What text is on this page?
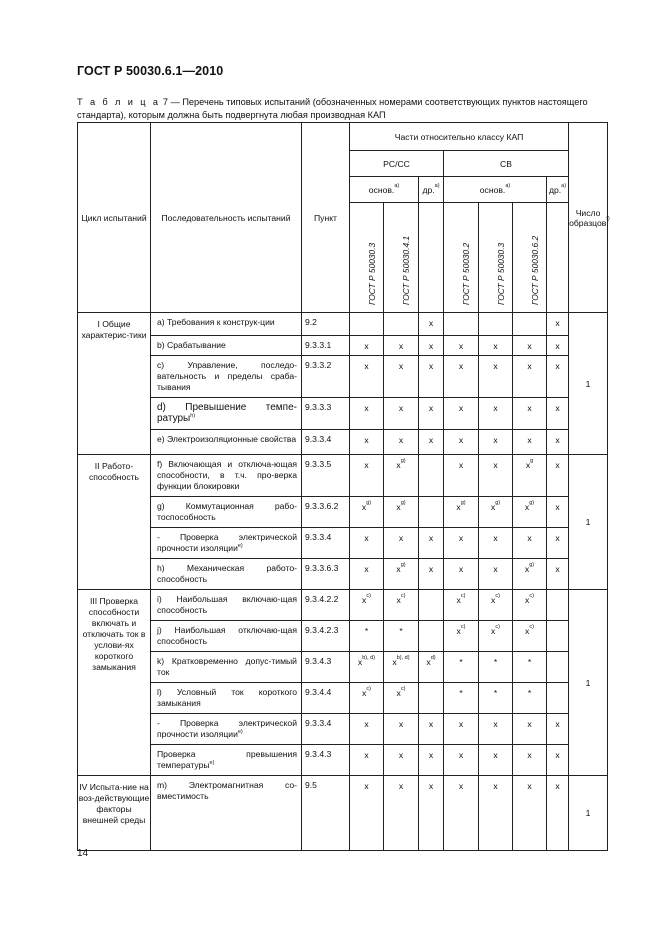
ГОСТ Р 50030.6.1—2010
Т а б л и ц а 7 — Перечень типовых испытаний (обозначенных номерами соответствующих пунктов настоящего стандарта), которым должна быть подвергнута любая производная КАП
Цикл испытаний	Последовательность испытаний	Пункт	Части относительно классу КАП							Число образцов$^{f)}$
			PC/CC			CB				
			основ.$^{а)}$		др.$^{а)}$	основ.$^{а)}$			др.$^{а)}$

			ГОСТ Р 50030.3	ГОСТ Р 50030.4.1		ГОСТ Р 50030.2	ГОСТ Р 50030.3	ГОСТ Р 50030.6.2		

I Общие характерис-тики	а) Требования к конструк-ции	9.2			x				x	1
	b) Срабатывание	9.3.3.1	x	x	x	x	x	x	x	
	с) Управление, последо-вательность и пределы сраба-тывания	9.3.3.2	x	x	x	x	x	x	x	
	d) Превышение темпе-ратуры$^{h)}$	9.3.3.3	x	x	x	x	x	x	x	
	е) Электроизоляционные свойства	9.3.3.4	x	x	x	x	x	x	x	
II Работо-способность	f) Включающая и отключа-ющая способности, в т.ч. про-верка функции блокировки	9.3.3.5	x	$x^{g)}$		x	x	$x^g$	x	1
	g) Коммутационная рабо-тоспособность	9.3.3.6.2	$x^{g)}$	$x^{g)}$		$x^{g)}$	$x^{g)}$	$x^{g)}$	x	
	- Проверка электрической прочности изоляции$^{е)}$	9.3.3.4	x	x	x	x	x	x	x	
	h) Механическая работо-способность	9.3.3.6.3	x	$x^{g)}$	x	x	x	$x^{g)}$	x	
III Проверка способности включать и отключать ток в услови-ях короткого замыкания	i) Наибольшая включаю-щая способность	9.3.4.2.2	$x^{c)}$	$x^{c)}$		$x^{c)}$	$x^{c)}$	$x^{c)}$		1
	j) Наибольшая отключаю-щая способность	9.3.4.2.3	*	*		$x^{c)}$	$x^{c)}$	$x^{c)}$	
	k) Кратковременно допус-тимый ток	9.3.4.3	$x^{b), d)}$	$x^{b), d)}$	$x^{d)}$	*	*	*		
	l) Условный ток короткого замыкания	9.3.4.4	$x^{c)}$	$x^{c)}$		*	*	*		
	- Проверка электрической прочности изоляции$^{е)}$	9.3.3.4	x	x	x	x	x	x	x	
	Проверка превышения температуры$^{е)}$	9.3.4.3	x	x	x	x	x	x	x	
IV Испыта-ние на воз-действующие факторы внешней среды	m) Электромагнитная со-вместимость	9.5	x	x	x	x	x	x	x	1
14
